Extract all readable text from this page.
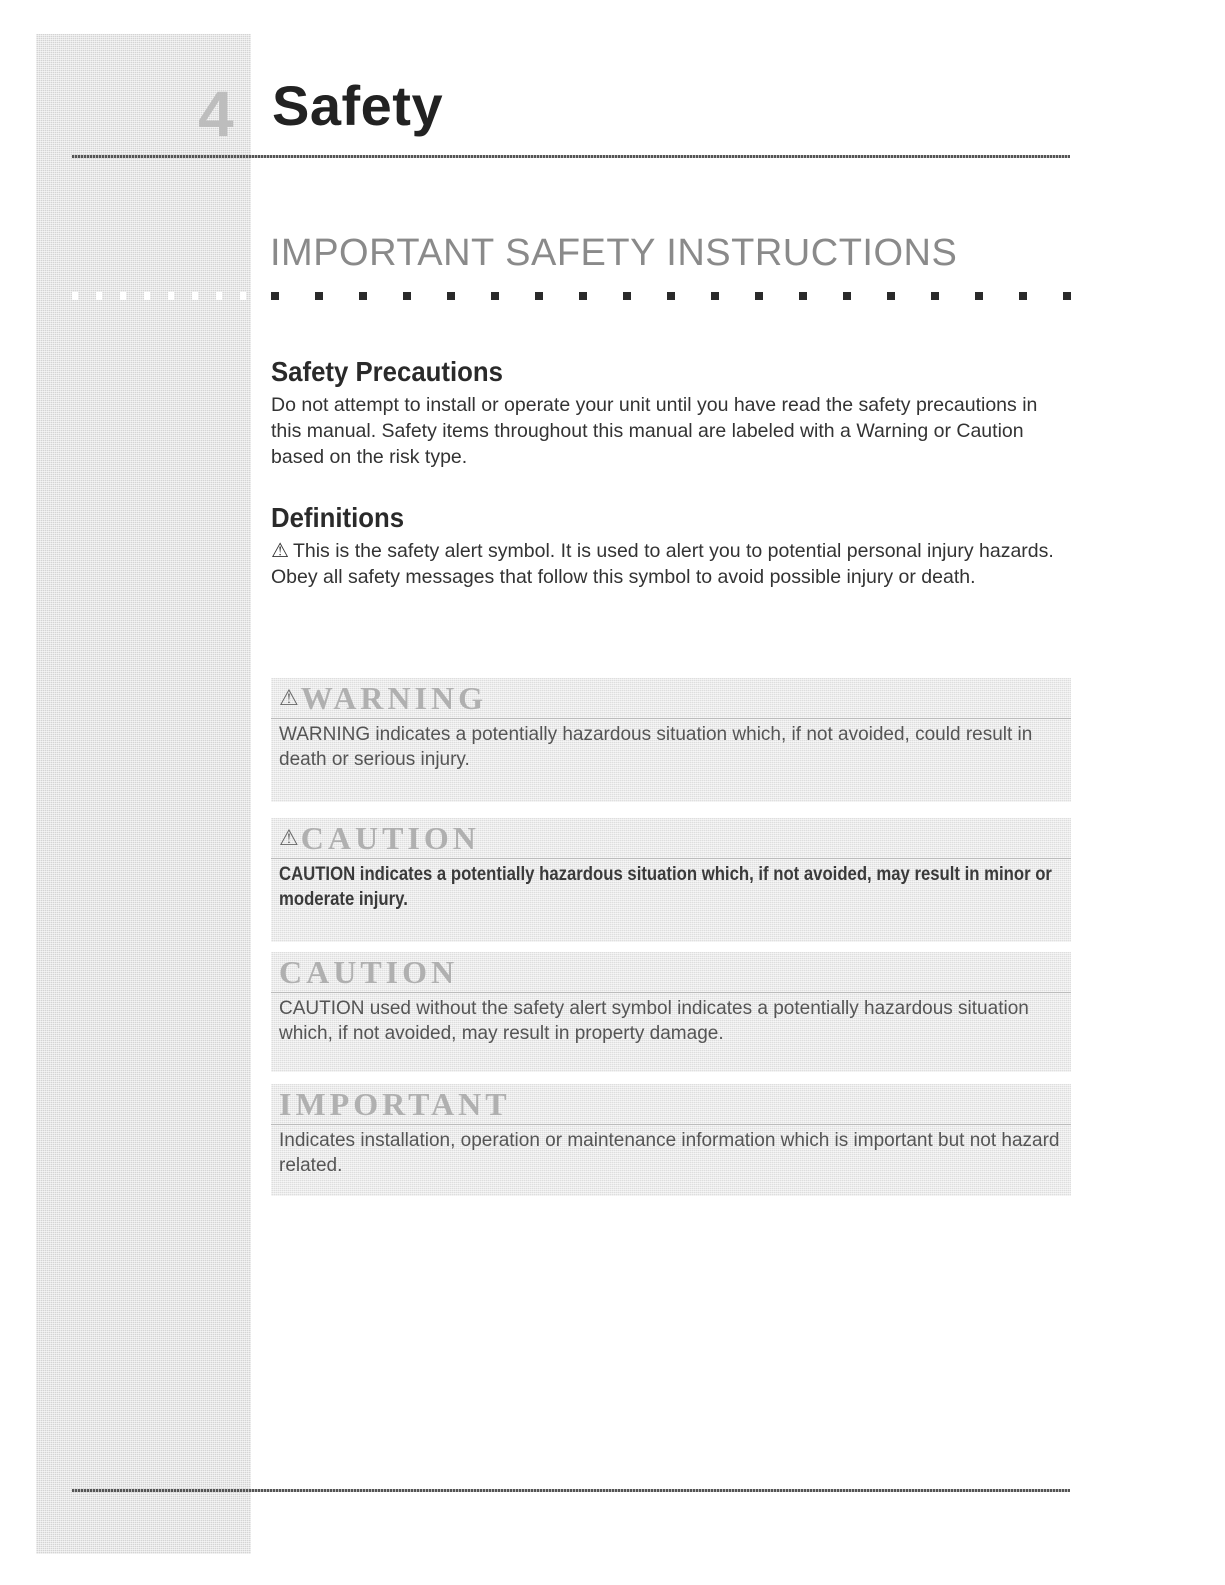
4 Safety
IMPORTANT SAFETY INSTRUCTIONS
Safety Precautions
Do not attempt to install or operate your unit until you have read the safety precautions in this manual. Safety items throughout this manual are labeled with a Warning or Caution based on the risk type.
Definitions
⚠ This is the safety alert symbol. It is used to alert you to potential personal injury hazards. Obey all safety messages that follow this symbol to avoid possible injury or death.
⚠WARNING
WARNING indicates a potentially hazardous situation which, if not avoided, could result in death or serious injury.
⚠CAUTION
CAUTION indicates a potentially hazardous situation which, if not avoided, may result in minor or moderate injury.
CAUTION
CAUTION used without the safety alert symbol indicates a potentially hazardous situation which, if not avoided, may result in property damage.
IMPORTANT
Indicates installation, operation or maintenance information which is important but not hazard related.
